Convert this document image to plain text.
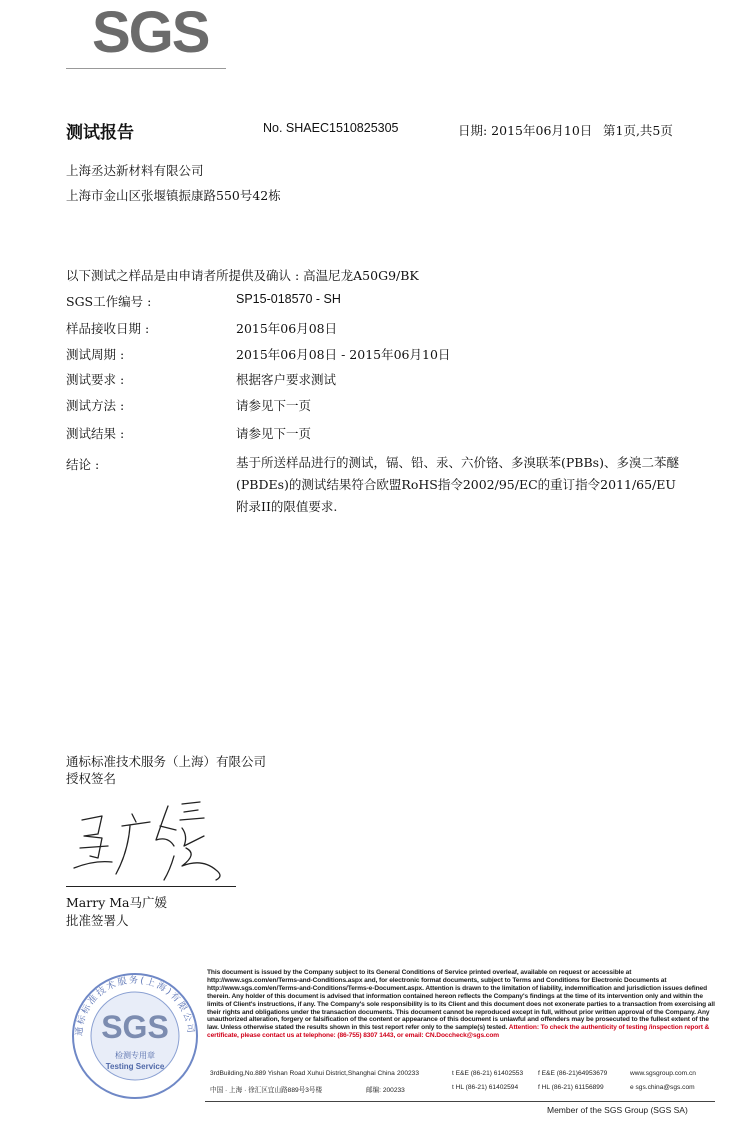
SGS
测试报告	No. SHAEC1510825305	日期: 2015年06月10日 第1页,共5页
上海丞达新材料有限公司
上海市金山区张堰镇振康路550号42栋
以下测试之样品是由申请者所提供及确认 : 高温尼龙A50G9/BK
SGS工作编号 :	SP15-018570 - SH
样品接收日期 :	2015年06月08日
测试周期 :	2015年06月08日 - 2015年06月10日
测试要求 :	根据客户要求测试
测试方法 :	请参见下一页
测试结果 :	请参见下一页
结论 :	基于所送样品进行的测试，镉、铅、汞、六价铬、多溴联苯(PBBs)、多溴二苯醚(PBDEs)的测试结果符合欧盟RoHS指令2002/95/EC的重订指令2011/65/EU附录II的限值要求.
通标标准技术服务（上海）有限公司
授权签名
Marry Ma马广媛
批准签署人
通标标准技术服务(上海)有限公司
SGS
检测专用章
Testing Service
This document is issued by the Company subject to its General Conditions of Service printed overleaf, available on request or accessible at http://www.sgs.com/en/Terms-and-Conditions.aspx and, for electronic format documents, subject to Terms and Conditions for Electronic Documents at http://www.sgs.com/en/Terms-and-Conditions/Terms-e-Document.aspx. Attention is drawn to the limitation of liability, indemnification and jurisdiction issues defined therein. Any holder of this document is advised that information contained hereon reflects the Company's findings at the time of its intervention only and within the limits of Client's instructions, if any. The Company's sole responsibility is to its Client and this document does not exonerate parties to a transaction from exercising all their rights and obligations under the transaction documents. This document cannot be reproduced except in full, without prior written approval of the Company. Any unauthorized alteration, forgery or falsification of the content or appearance of this document is unlawful and offenders may be prosecuted to the fullest extent of the law. Unless otherwise stated the results shown in this test report refer only to the sample(s) tested. Attention: To check the authenticity of testing /inspection report & certificate, please contact us at telephone: (86-755) 8307 1443, or email: CN.Doccheck@sgs.com
3rdBuilding,No.889 Yishan Road Xuhui District,Shanghai China 200233	t E&E (86-21) 61402553 f E&E (86-21)64953679	www.sgsgroup.com.cn
中国 · 上海 · 徐汇区宜山路889号3号楼	邮编: 200233	t HL (86-21) 61402594	f HL (86-21) 61156899	e sgs.china@sgs.com
Member of the SGS Group (SGS SA)
